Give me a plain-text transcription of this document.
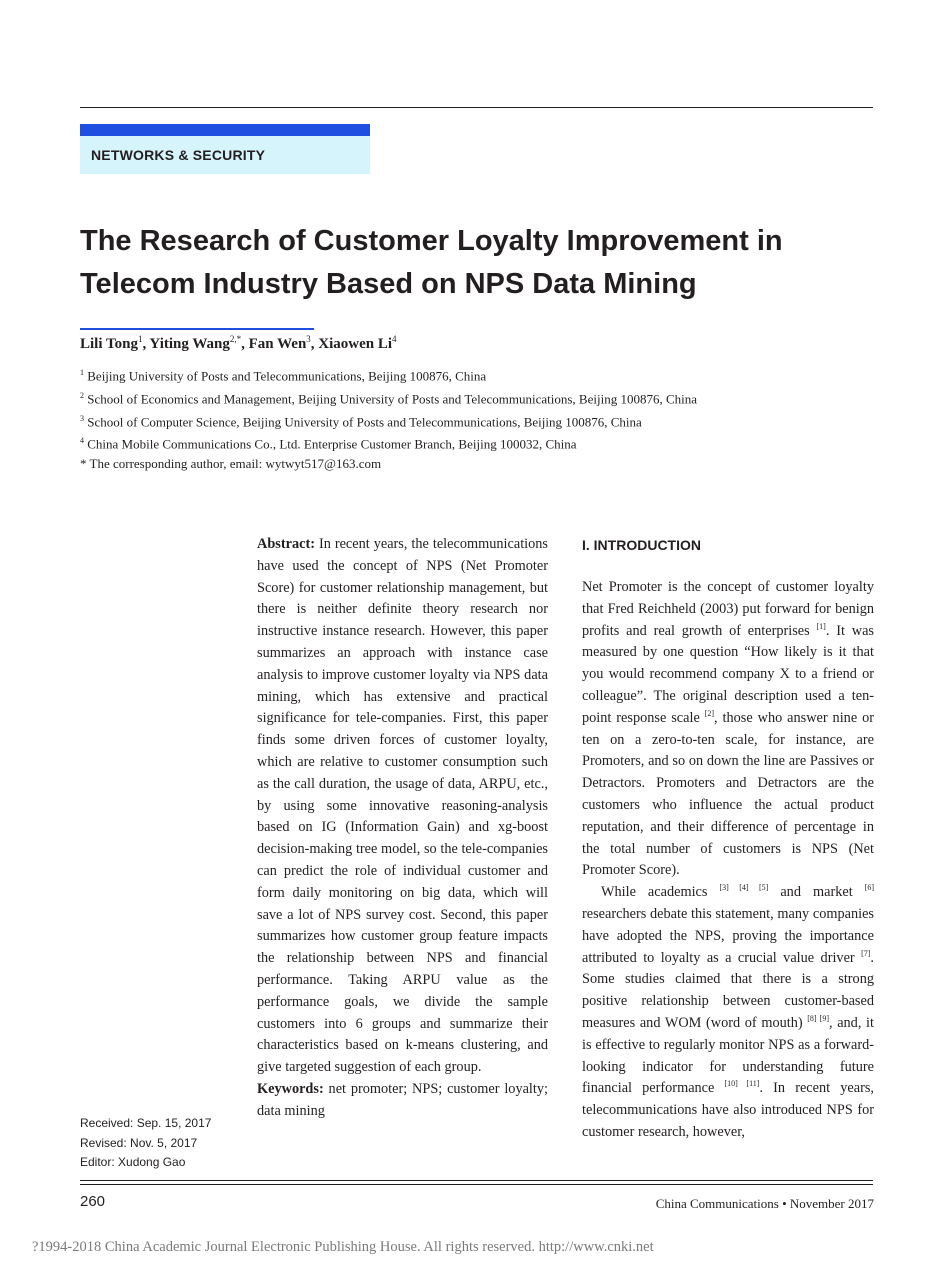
NETWORKS & SECURITY
The Research of Customer Loyalty Improvement in
Telecom Industry Based on NPS Data Mining
Lili Tong$^1$, Yiting Wang$^{2,*}$, Fan Wen$^3$, Xiaowen Li$^4$
$^1$ Beijing University of Posts and Telecommunications, Beijing 100876, China
$^2$ School of Economics and Management, Beijing University of Posts and Telecommunications, Beijing 100876, China
$^3$ School of Computer Science, Beijing University of Posts and Telecommunications, Beijing 100876, China
$^4$ China Mobile Communications Co., Ltd. Enterprise Customer Branch, Beijing 100032, China
* The corresponding author, email: wytwyt517@163.com
Received: Sep. 15, 2017
Revised: Nov. 5, 2017
Editor: Xudong Gao

Abstract: In recent years, the telecommunications have used the concept of NPS (Net Promoter Score) for customer relationship management, but there is neither definite theory research nor instructive instance research. However, this paper summarizes an approach with instance case analysis to improve customer loyalty via NPS data mining, which has extensive and practical significance for tele-companies. First, this paper finds some driven forces of customer loyalty, which are relative to customer consumption such as the call duration, the usage of data, ARPU, etc., by using some innovative reasoning-analysis based on IG (Information Gain) and xg-boost decision-making tree model, so the tele-companies can predict the role of individual customer and form daily monitoring on big data, which will save a lot of NPS survey cost. Second, this paper summarizes how customer group feature impacts the relationship between NPS and financial performance. Taking ARPU value as the performance goals, we divide the sample customers into 6 groups and summarize their characteristics based on k-means clustering, and give targeted suggestion of each group.

Keywords: net promoter; NPS; customer loyalty; data mining

I. INTRODUCTION

Net Promoter is the concept of customer loyalty that Fred Reichheld (2003) put forward for benign profits and real growth of enterprises [1]. It was measured by one question “How likely is it that you would recommend company X to a friend or colleague”. The original description used a ten-point response scale [2], those who answer nine or ten on a zero-to-ten scale, for instance, are Promoters, and so on down the line are Passives or Detractors. Promoters and Detractors are the customers who influence the actual product reputation, and their difference of percentage in the total number of customers is NPS (Net Promoter Score).

While academics [3] [4] [5] and market [6] researchers debate this statement, many companies have adopted the NPS, proving the importance attributed to loyalty as a crucial value driver [7]. Some studies claimed that there is a strong positive relationship between customer-based measures and WOM (word of mouth) [8] [9], and, it is effective to regularly monitor NPS as a forward-looking indicator for understanding future financial performance [10] [11]. In recent years, telecommunications have also introduced NPS for customer research, however,

260	China Communications • November 2017
?1994-2018 China Academic Journal Electronic Publishing House. All rights reserved. http://www.cnki.net
